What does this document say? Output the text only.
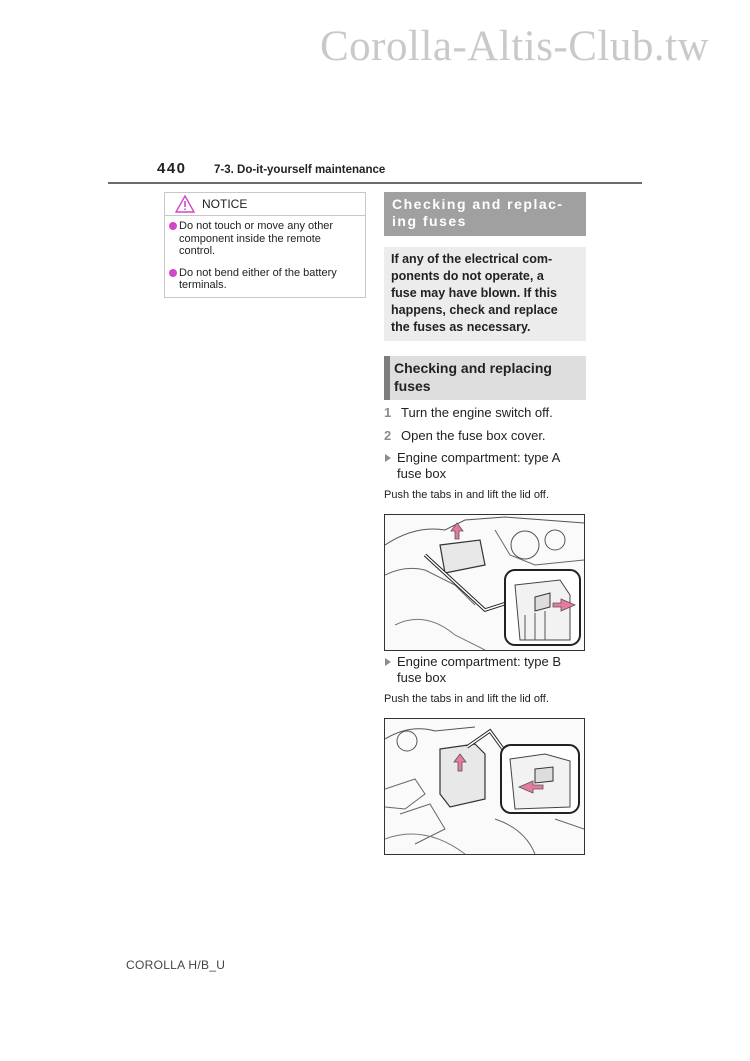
Corolla-Altis-Club.tw
440 7-3. Do-it-yourself maintenance
NOTICE
Do not touch or move any other component inside the remote control.
Do not bend either of the battery terminals.
Checking and replac-
ing fuses
If any of the electrical com-
ponents do not operate, a
fuse may have blown. If this
happens, check and replace
the fuses as necessary.
Checking and replacing
fuses
1 Turn the engine switch off.
2 Open the fuse box cover.
Engine compartment: type A
fuse box
Push the tabs in and lift the lid off.
Engine compartment: type B
fuse box
Push the tabs in and lift the lid off.
COROLLA H/B_U
